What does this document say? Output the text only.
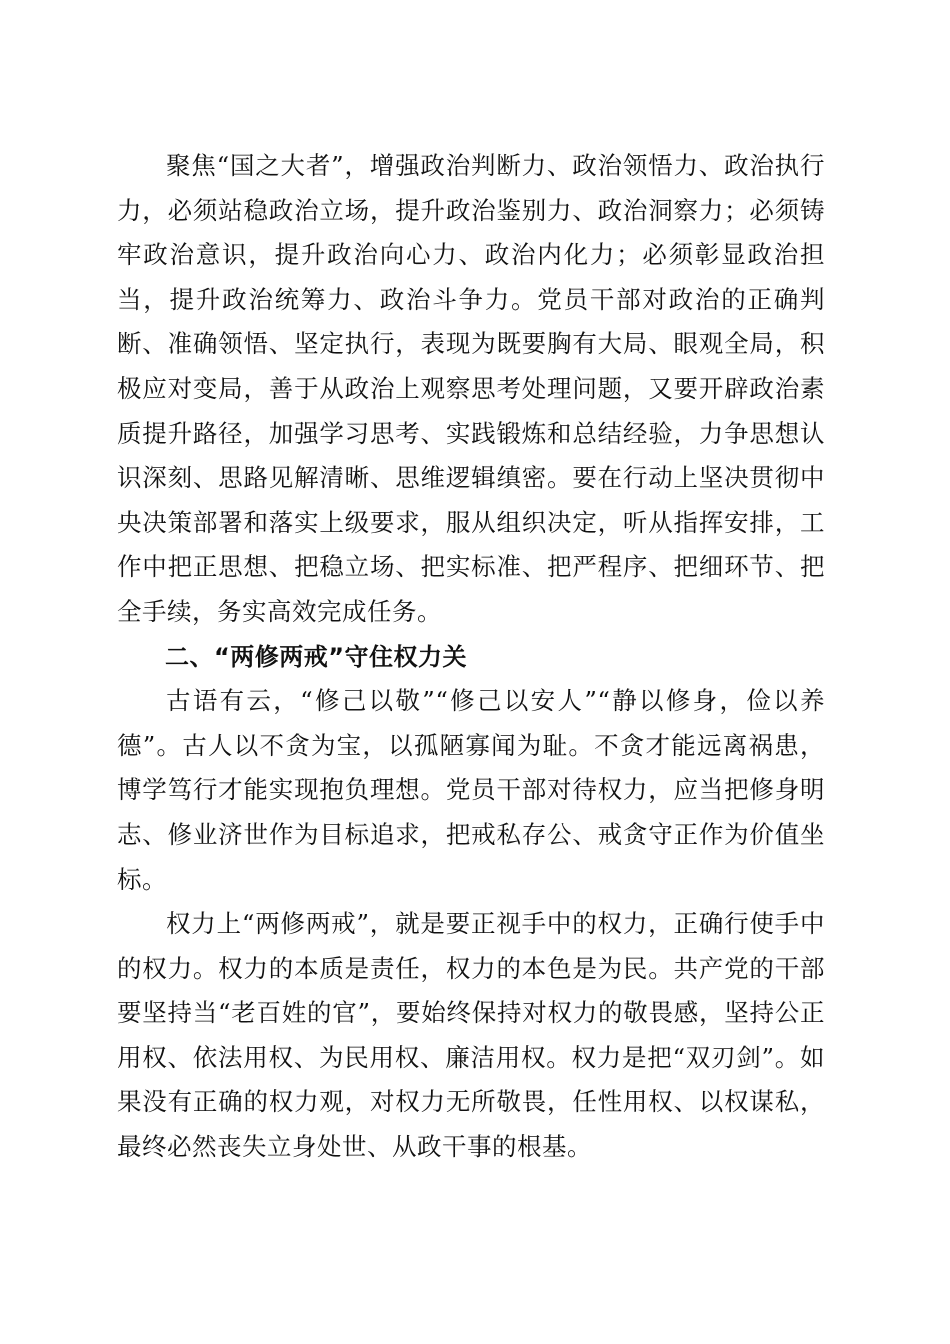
聚焦“国之大者”，增强政治判断力、政治领悟力、政治执行力，必须站稳政治立场，提升政治鉴别力、政治洞察力；必须铸牢政治意识，提升政治向心力、政治内化力；必须彰显政治担当，提升政治统筹力、政治斗争力。党员干部对政治的正确判断、准确领悟、坚定执行，表现为既要胸有大局、眼观全局，积极应对变局，善于从政治上观察思考处理问题，又要开辟政治素质提升路径，加强学习思考、实践锻炼和总结经验，力争思想认识深刻、思路见解清晰、思维逻辑缜密。要在行动上坚决贯彻中央决策部署和落实上级要求，服从组织决定，听从指挥安排，工作中把正思想、把稳立场、把实标准、把严程序、把细环节、把全手续，务实高效完成任务。

二、“两修两戒”守住权力关

古语有云，“修己以敬”“修己以安人”“静以修身，俭以养德”。古人以不贪为宝，以孤陋寡闻为耻。不贪才能远离祸患，博学笃行才能实现抱负理想。党员干部对待权力，应当把修身明志、修业济世作为目标追求，把戒私存公、戒贪守正作为价值坐标。

权力上“两修两戒”，就是要正视手中的权力，正确行使手中的权力。权力的本质是责任，权力的本色是为民。共产党的干部要坚持当“老百姓的官”，要始终保持对权力的敬畏感，坚持公正用权、依法用权、为民用权、廉洁用权。权力是把“双刃剑”。如果没有正确的权力观，对权力无所敬畏，任性用权、以权谋私，最终必然丧失立身处世、从政干事的根基。
